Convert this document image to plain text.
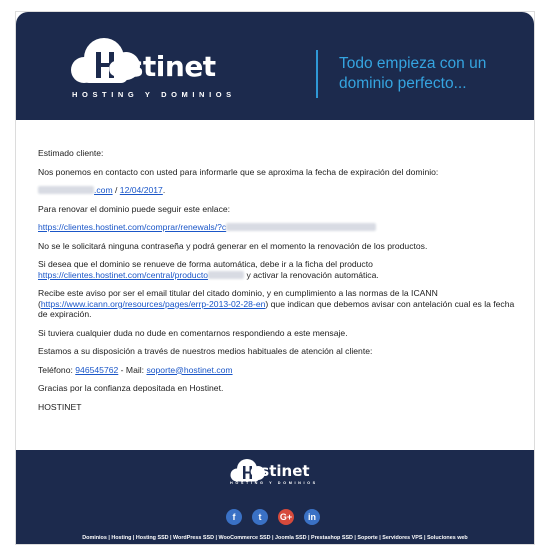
ostinet
HOSTING Y DOMINIOS
Todo empieza con un dominio perfecto...

Estimado cliente:

Nos ponemos en contacto con usted para informarle que se aproxima la fecha de expiración del dominio:

.com / 12/04/2017.

Para renovar el dominio puede seguir este enlace:

https://clientes.hostinet.com/comprar/renewals/?c

No se le solicitará ninguna contraseña y podrá generar en el momento la renovación de los productos.

Si desea que el dominio se renueve de forma automática, debe ir a la ficha del producto
https://clientes.hostinet.com/central/producto	y activar la renovación automática.

Recibe este aviso por ser el email titular del citado dominio, y en cumplimiento a las normas de la ICANN (https://www.icann.org/resources/pages/errp-2013-02-28-en) que indican que debemos avisar con antelación cual es la fecha de expiración.

Si tuviera cualquier duda no dude en comentarnos respondiendo a este mensaje.

Estamos a su disposición a través de nuestros medios habituales de atención al cliente:

Teléfono: 946545762 - Mail: soporte@hostinet.com

Gracias por la confianza depositada en Hostinet.

HOSTINET

ostinet
HOSTING Y DOMINIOS
f	t	G+	in
Dominios | Hosting | Hosting SSD | WordPress SSD | WooCommerce SSD | Joomla SSD | Prestashop SSD | Soporte | Servidores VPS | Soluciones web
